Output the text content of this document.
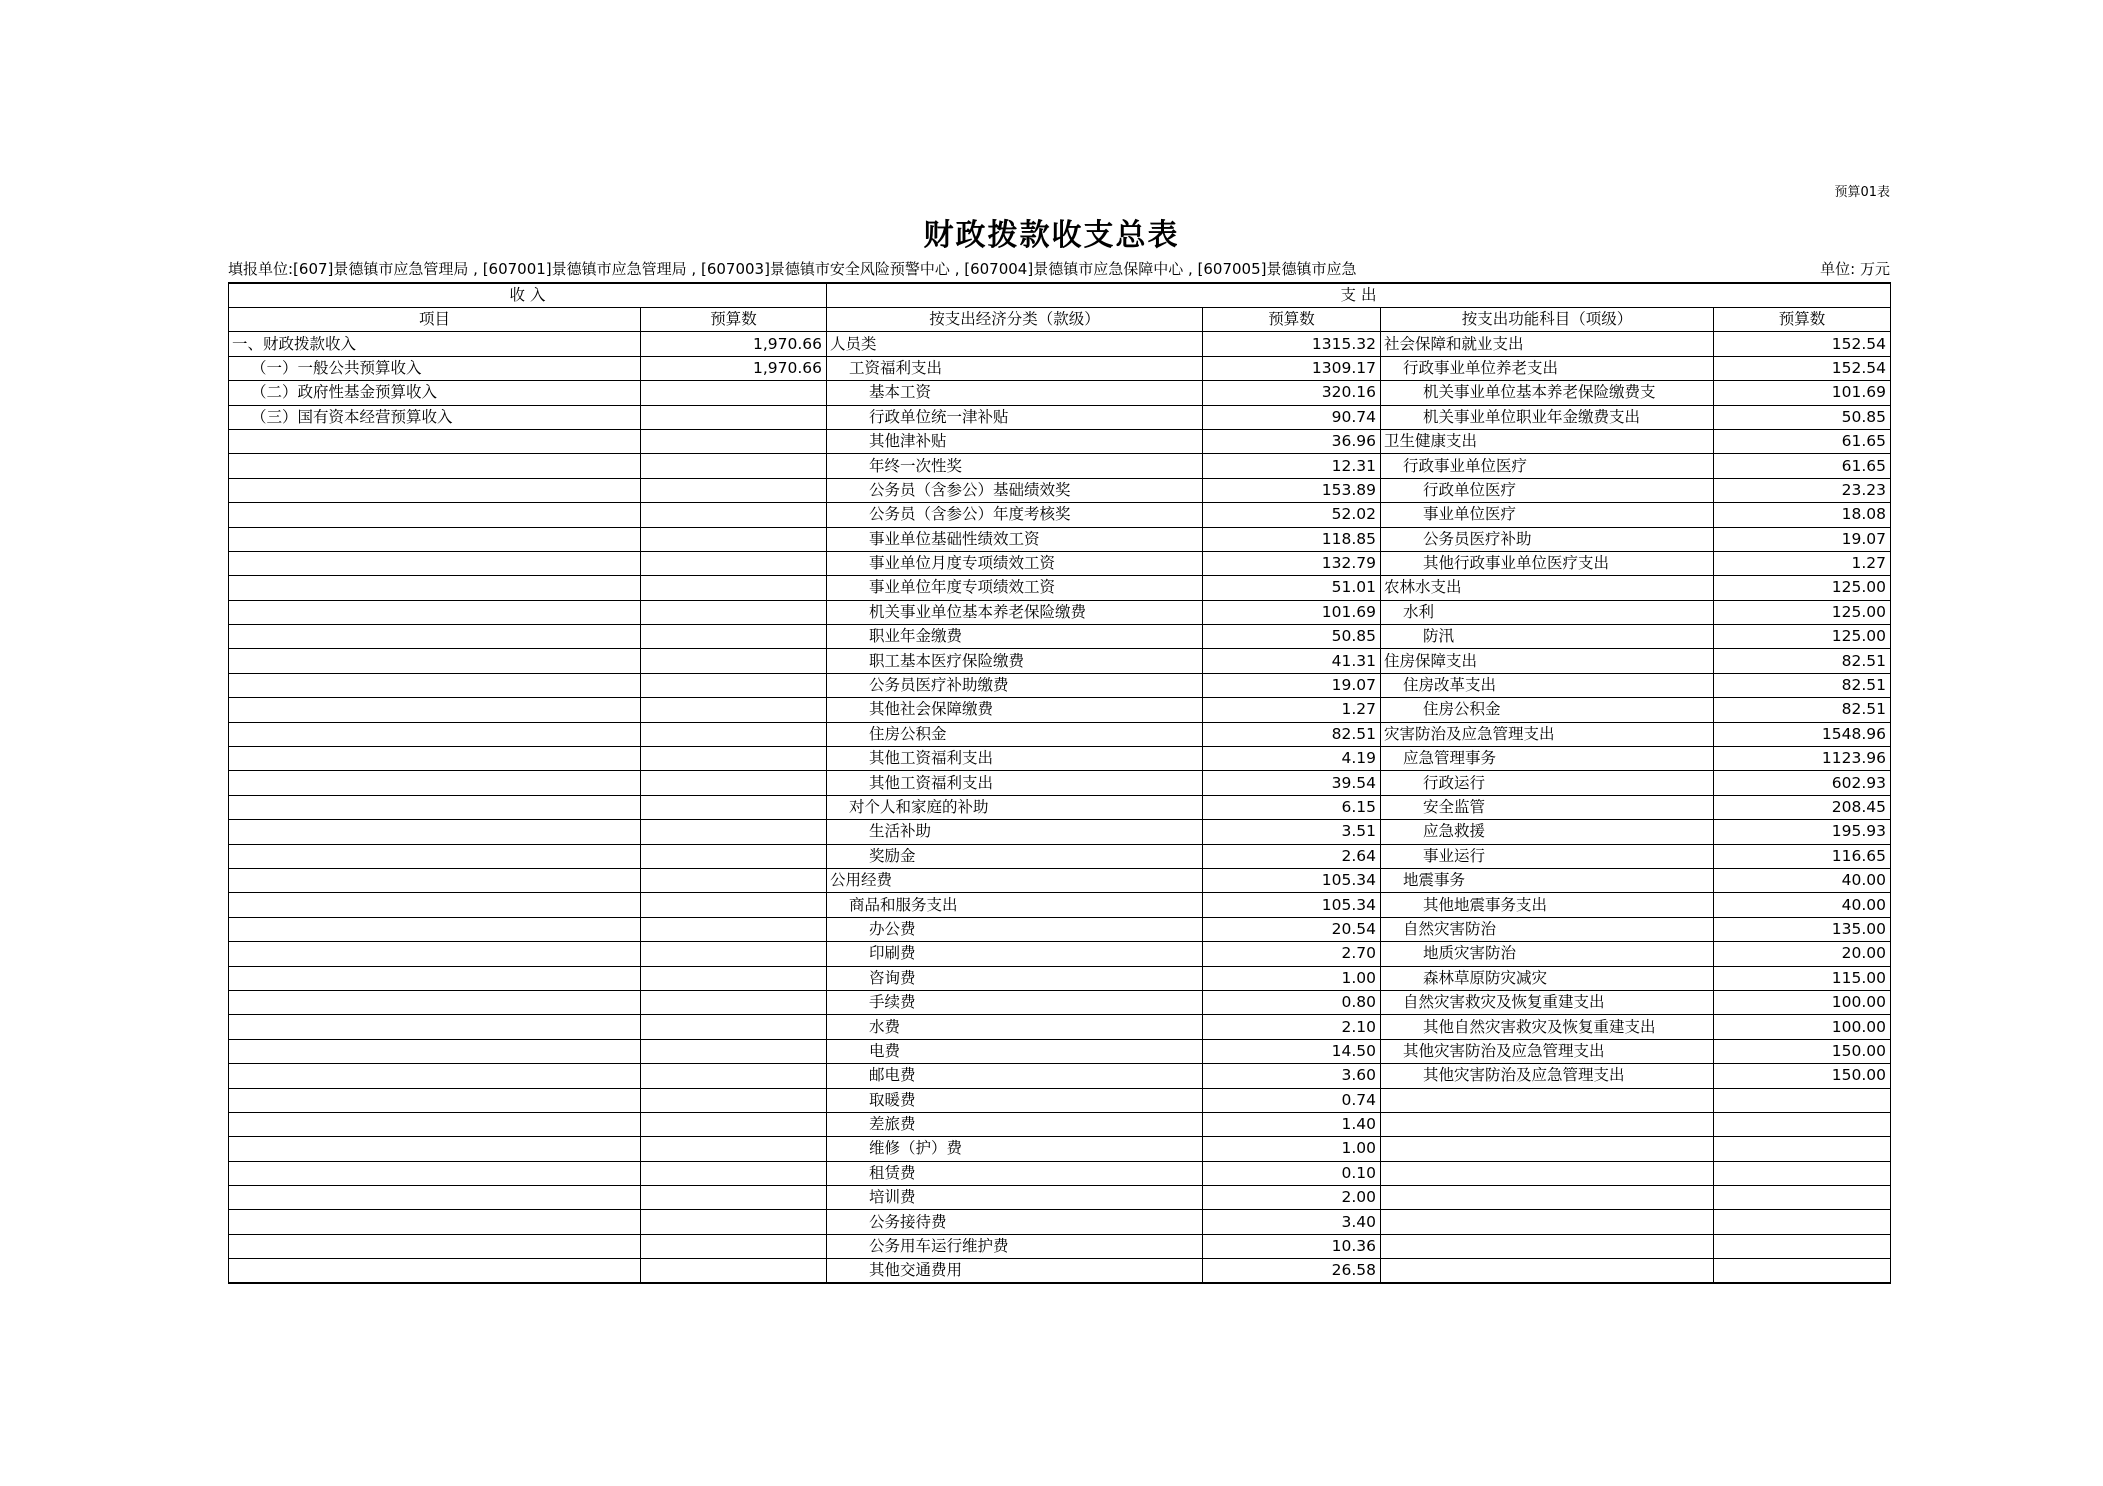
预算01表
财政拨款收支总表
填报单位:[607]景德镇市应急管理局 , [607001]景德镇市应急管理局 , [607003]景德镇市安全风险预警中心 , [607004]景德镇市应急保障中心 , [607005]景德镇市应急	单位: 万元
收 入		支 出			
项目	预算数	按支出经济分类（款级）	预算数	按支出功能科目（项级）	预算数
一、财政拨款收入	1,970.66	人员类	1315.32	社会保障和就业支出	152.54
（一）一般公共预算收入	1,970.66	工资福利支出	1309.17	行政事业单位养老支出	152.54
（二）政府性基金预算收入		基本工资	320.16	机关事业单位基本养老保险缴费支	101.69
（三）国有资本经营预算收入		行政单位统一津补贴	90.74	机关事业单位职业年金缴费支出	50.85
		其他津补贴	36.96	卫生健康支出	61.65
		年终一次性奖	12.31	行政事业单位医疗	61.65
		公务员（含参公）基础绩效奖	153.89	行政单位医疗	23.23
		公务员（含参公）年度考核奖	52.02	事业单位医疗	18.08
		事业单位基础性绩效工资	118.85	公务员医疗补助	19.07
		事业单位月度专项绩效工资	132.79	其他行政事业单位医疗支出	1.27
		事业单位年度专项绩效工资	51.01	农林水支出	125.00
		机关事业单位基本养老保险缴费	101.69	水利	125.00
		职业年金缴费	50.85	防汛	125.00
		职工基本医疗保险缴费	41.31	住房保障支出	82.51
		公务员医疗补助缴费	19.07	住房改革支出	82.51
		其他社会保障缴费	1.27	住房公积金	82.51
		住房公积金	82.51	灾害防治及应急管理支出	1548.96
		其他工资福利支出	4.19	应急管理事务	1123.96
		其他工资福利支出	39.54	行政运行	602.93
		对个人和家庭的补助	6.15	安全监管	208.45
		生活补助	3.51	应急救援	195.93
		奖励金	2.64	事业运行	116.65
		公用经费	105.34	地震事务	40.00
		商品和服务支出	105.34	其他地震事务支出	40.00
		办公费	20.54	自然灾害防治	135.00
		印刷费	2.70	地质灾害防治	20.00
		咨询费	1.00	森林草原防灾减灾	115.00
		手续费	0.80	自然灾害救灾及恢复重建支出	100.00
		水费	2.10	其他自然灾害救灾及恢复重建支出	100.00
		电费	14.50	其他灾害防治及应急管理支出	150.00
		邮电费	3.60	其他灾害防治及应急管理支出	150.00
		取暖费	0.74		
		差旅费	1.40		
		维修（护）费	1.00		
		租赁费	0.10		
		培训费	2.00		
		公务接待费	3.40		
		公务用车运行维护费	10.36		
		其他交通费用	26.58		
